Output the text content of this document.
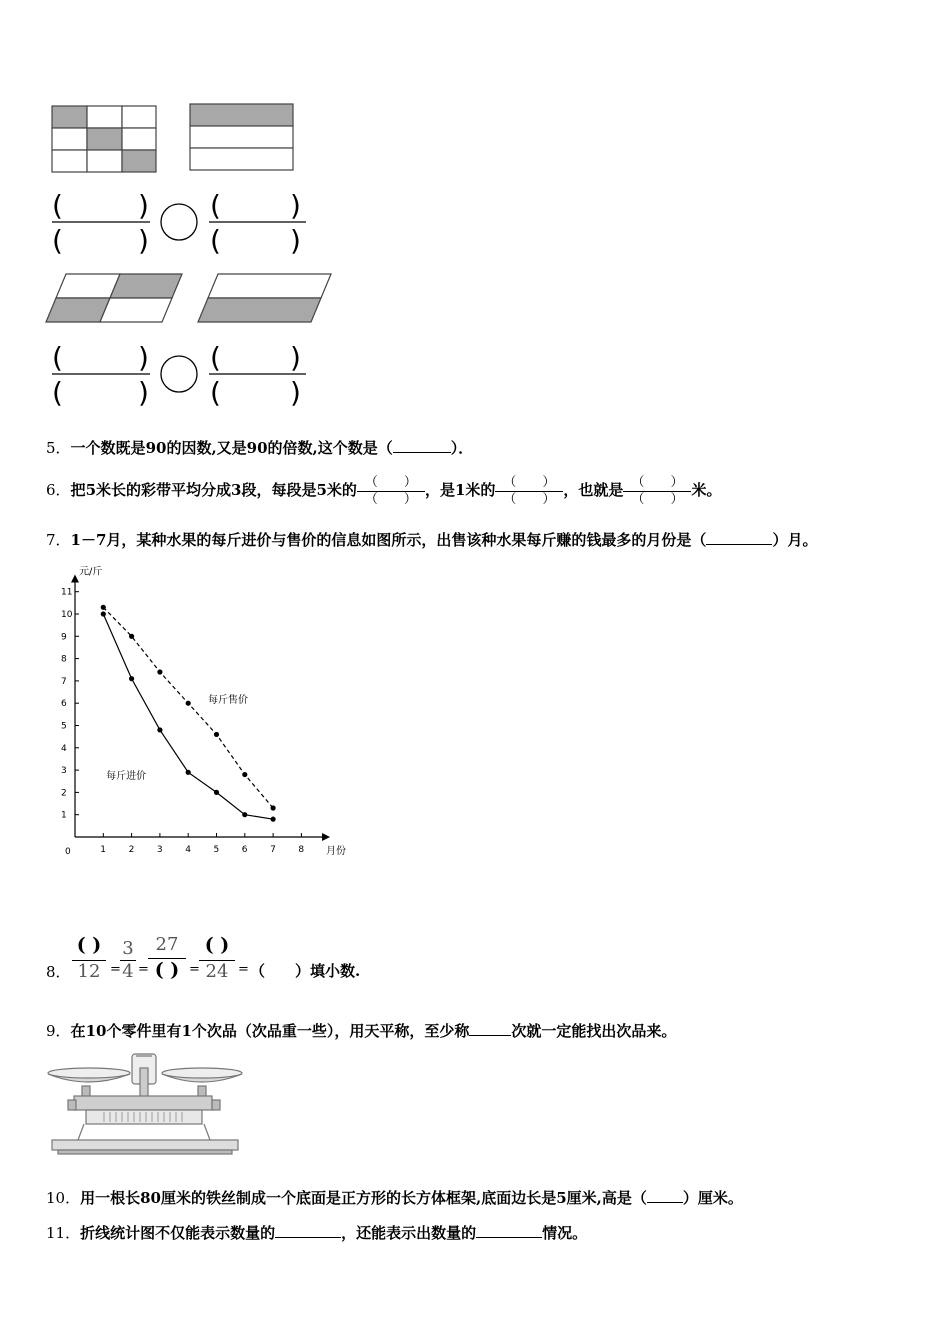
(	)
(	)
( )
( )
(	)
(	)
( )
( )
5．一个数既是90的因数,又是90的倍数,这个数是（	）．
6．把5米长的彩带平均分成3段，每段是5米的 $\frac{( )}{( )}$ ，是1米的 $\frac{( )}{( )}$ ，也就是 $\frac{( )}{( )}$ 米。
7．1－7月，某种水果的每斤进价与售价的信息如图所示，出售该种水果每斤赚的钱最多的月份是（	）月。
元/斤
月份
0	1	2	3	4	5	6	7	8
1
2
3
4
5
6
7
8
9
10
11
每斤售价
每斤进价
8．
( )
12 =
3
4 =
27
( ) =
( )
24 = （　　）填小数.
9．在10个零件里有1个次品（次品重一些），用天平称，至少称	次就一定能找出次品来。
10．用一根长80厘米的铁丝制成一个底面是正方形的长方体框架,底面边长是5厘米,高是（ ）厘米。
11．折线统计图不仅能表示数量的	，还能表示出数量的	情况。
